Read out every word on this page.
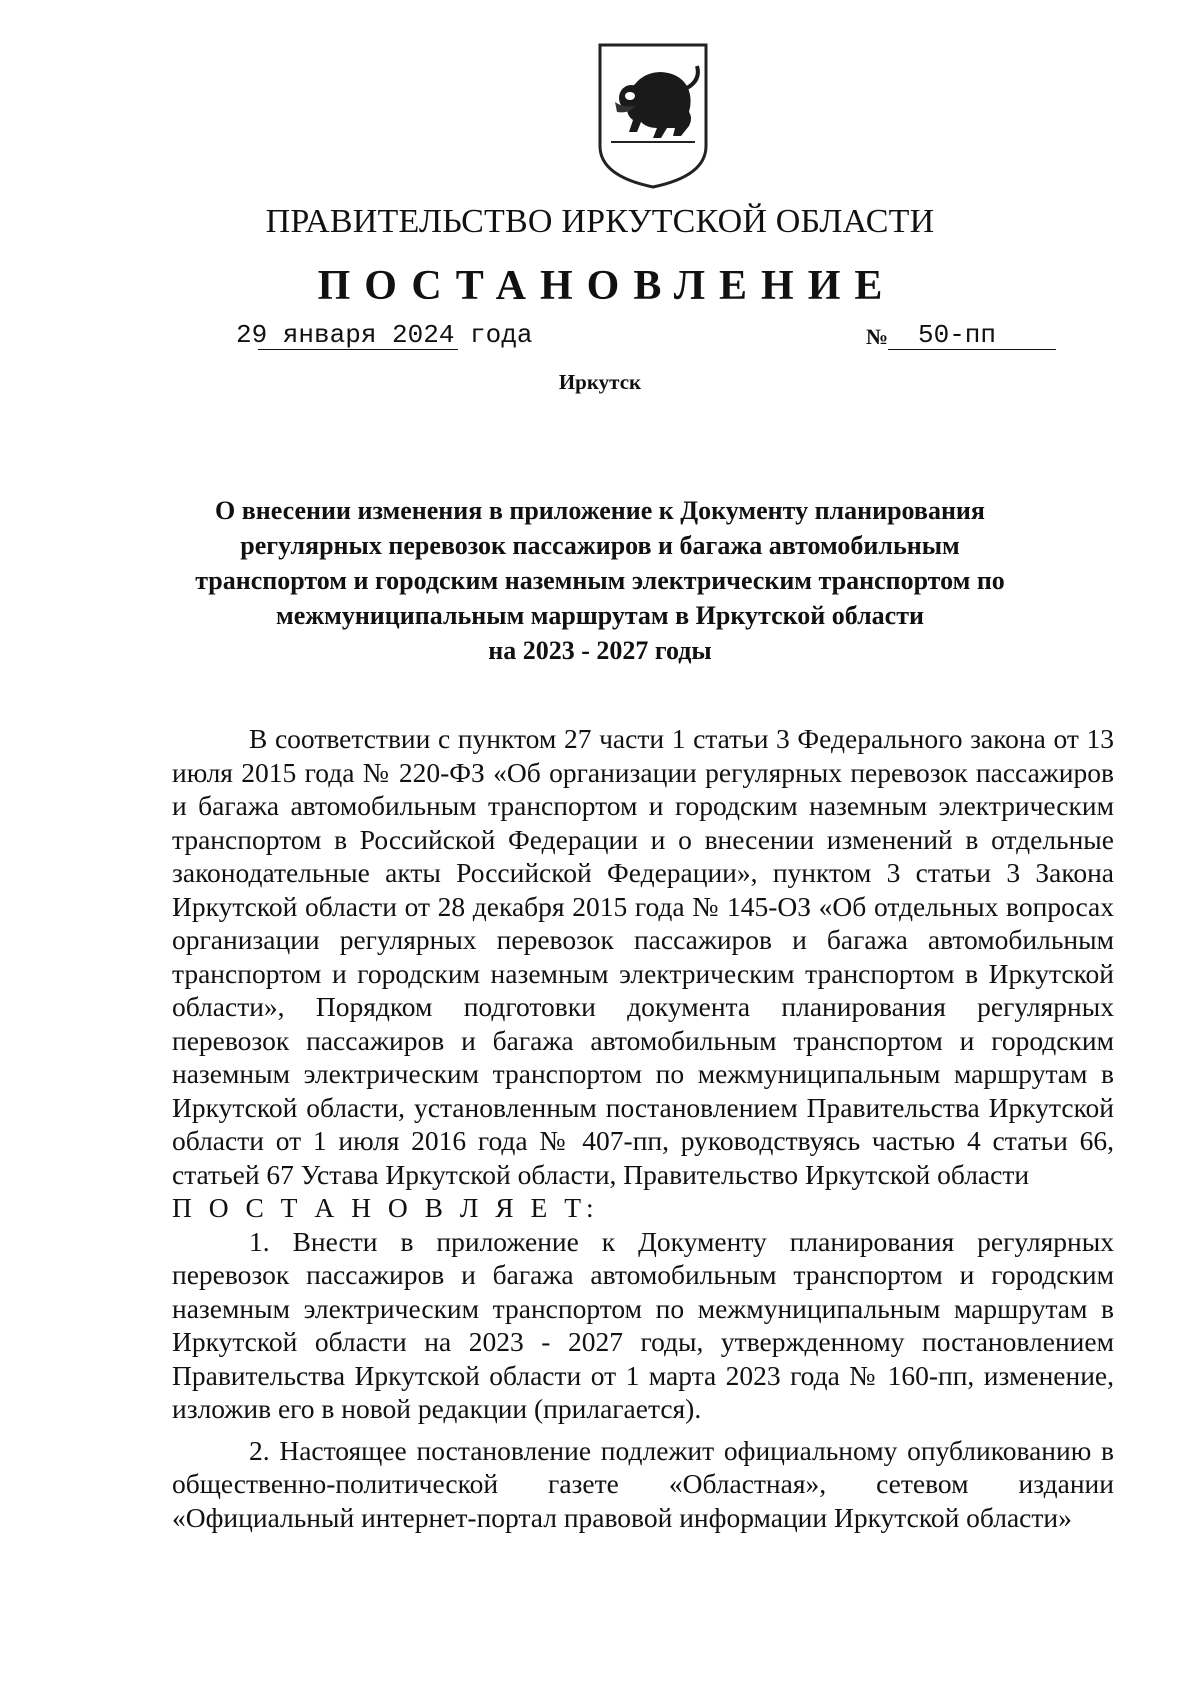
ПРАВИТЕЛЬСТВО ИРКУТСКОЙ ОБЛАСТИ
ПОСТАНОВЛЕНИЕ
29 января 2024 года	№ 50-пп
Иркутск
О внесении изменения в приложение к Документу планирования
регулярных перевозок пассажиров и багажа автомобильным
транспортом и городским наземным электрическим транспортом по
межмуниципальным маршрутам в Иркутской области
на 2023 - 2027 годы

В соответствии с пунктом 27 части 1 статьи 3 Федерального закона от 13 июля 2015 года № 220-ФЗ «Об организации регулярных перевозок пассажиров и багажа автомобильным транспортом и городским наземным электрическим транспортом в Российской Федерации и о внесении изменений в отдельные законодательные акты Российской Федерации», пунктом 3 статьи 3 Закона Иркутской области от 28 декабря 2015 года № 145-ОЗ «Об отдельных вопросах организации регулярных перевозок пассажиров и багажа автомобильным транспортом и городским наземным электрическим транспортом в Иркутской области», Порядком подготовки документа планирования регулярных перевозок пассажиров и багажа автомобильным транспортом и городским наземным электрическим транспортом по межмуниципальным маршрутам в Иркутской области, установленным постановлением Правительства Иркутской области от 1 июля 2016 года № 407-пп, руководствуясь частью 4 статьи 66, статьей 67 Устава Иркутской области, Правительство Иркутской области

П О С Т А Н О В Л Я Е Т:

1. Внести в приложение к Документу планирования регулярных перевозок пассажиров и багажа автомобильным транспортом и городским наземным электрическим транспортом по межмуниципальным маршрутам в Иркутской области на 2023 - 2027 годы, утвержденному постановлением Правительства Иркутской области от 1 марта 2023 года № 160-пп, изменение, изложив его в новой редакции (прилагается).

2. Настоящее постановление подлежит официальному опубликованию в общественно-политической газете «Областная», сетевом издании «Официальный интернет-портал правовой информации Иркутской области»
